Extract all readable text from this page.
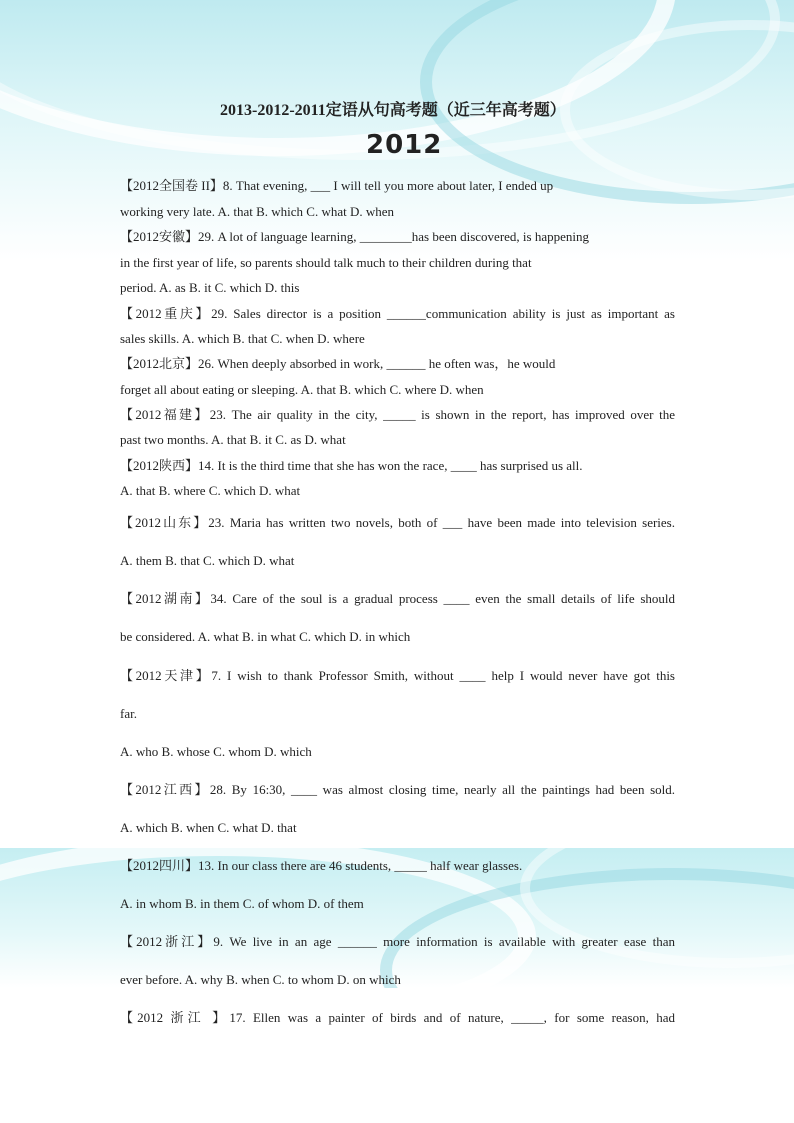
2013-2012-2011定语从句高考题（近三年高考题）
2012
【2012全国卷 II】8. That evening, ___ I will tell you more about later, I ended up
working very late. A. that B. which C. what D. when
【2012安徽】29. A lot of language learning, ________has been discovered, is happening
in the first year of life, so parents should talk much to their children during that
period. A. as B. it C. which D. this
【2012重庆】29. Sales director is a position ______communication ability is just as important as
sales skills. A. which B. that C. when D. where
【2012北京】26. When deeply absorbed in work, ______ he often was，he would
forget all about eating or sleeping. A. that B. which C. where D. when
【2012福建】23. The air quality in the city, _____ is shown in the report, has improved over the
past two months. A. that B. it C. as D. what
【2012陕西】14. It is the third time that she has won the race, ____ has surprised us all.
A. that B. where C. which D. what
【2012山东】23. Maria has written two novels, both of ___ have been made into television series.
A. them B. that C. which D. what
【2012湖南】34. Care of the soul is a gradual process ____ even the small details of life should
be considered. A. what B. in what C. which D. in which
【2012天津】7. I wish to thank Professor Smith, without ____ help I would never have got this
far.
A. who B. whose C. whom D. which
【2012江西】28. By 16:30, ____ was almost closing time, nearly all the paintings had been sold.
A. which B. when C. what D. that
【2012四川】13. In our class there are 46 students, _____ half wear glasses.
A. in whom B. in them C. of whom D. of them
【2012浙江】9. We live in an age ______ more information is available with greater ease than
ever before. A. why B. when C. to whom D. on which
【2012 浙江 】17. Ellen was a painter of birds and of nature, _____, for some reason, had
